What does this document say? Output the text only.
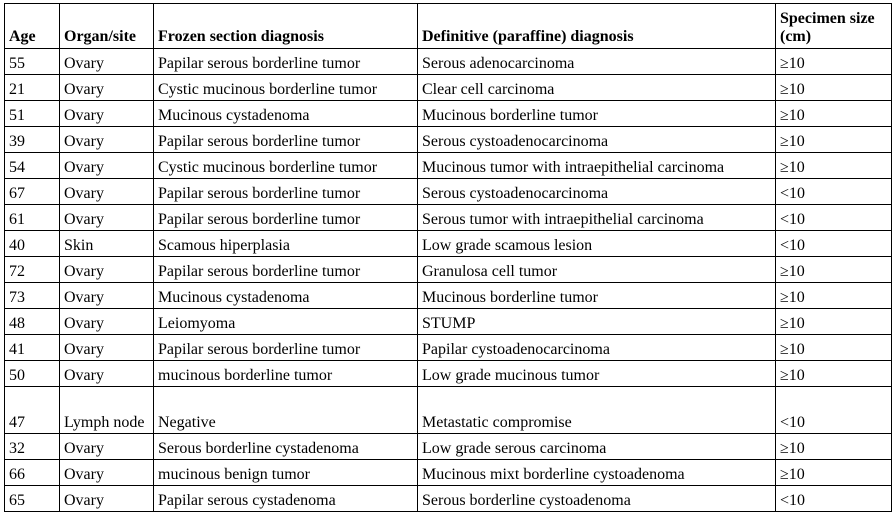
Age	Organ/site	Frozen section diagnosis	Definitive (paraffine) diagnosis	Specimen size (cm)
55	Ovary	Papilar serous borderline tumor	Serous adenocarcinoma	≥10
21	Ovary	Cystic mucinous borderline tumor	Clear cell carcinoma	≥10
51	Ovary	Mucinous cystadenoma	Mucinous borderline tumor	≥10
39	Ovary	Papilar serous borderline tumor	Serous cystoadenocarcinoma	≥10
54	Ovary	Cystic mucinous borderline tumor	Mucinous tumor with intraepithelial carcinoma	≥10
67	Ovary	Papilar serous borderline tumor	Serous cystoadenocarcinoma	<10
61	Ovary	Papilar serous borderline tumor	Serous tumor with intraepithelial carcinoma	<10
40	Skin	Scamous hiperplasia	Low grade scamous lesion	<10
72	Ovary	Papilar serous borderline tumor	Granulosa cell tumor	≥10
73	Ovary	Mucinous cystadenoma	Mucinous borderline tumor	≥10
48	Ovary	Leiomyoma	STUMP	≥10
41	Ovary	Papilar serous borderline tumor	Papilar cystoadenocarcinoma	≥10
50	Ovary	mucinous borderline tumor	Low grade mucinous tumor	≥10
47	Lymph node	Negative	Metastatic compromise	<10
32	Ovary	Serous borderline cystadenoma	Low grade serous carcinoma	≥10
66	Ovary	mucinous benign tumor	Mucinous mixt borderline cystoadenoma	≥10
65	Ovary	Papilar serous cystadenoma	Serous borderline cystoadenoma	<10
